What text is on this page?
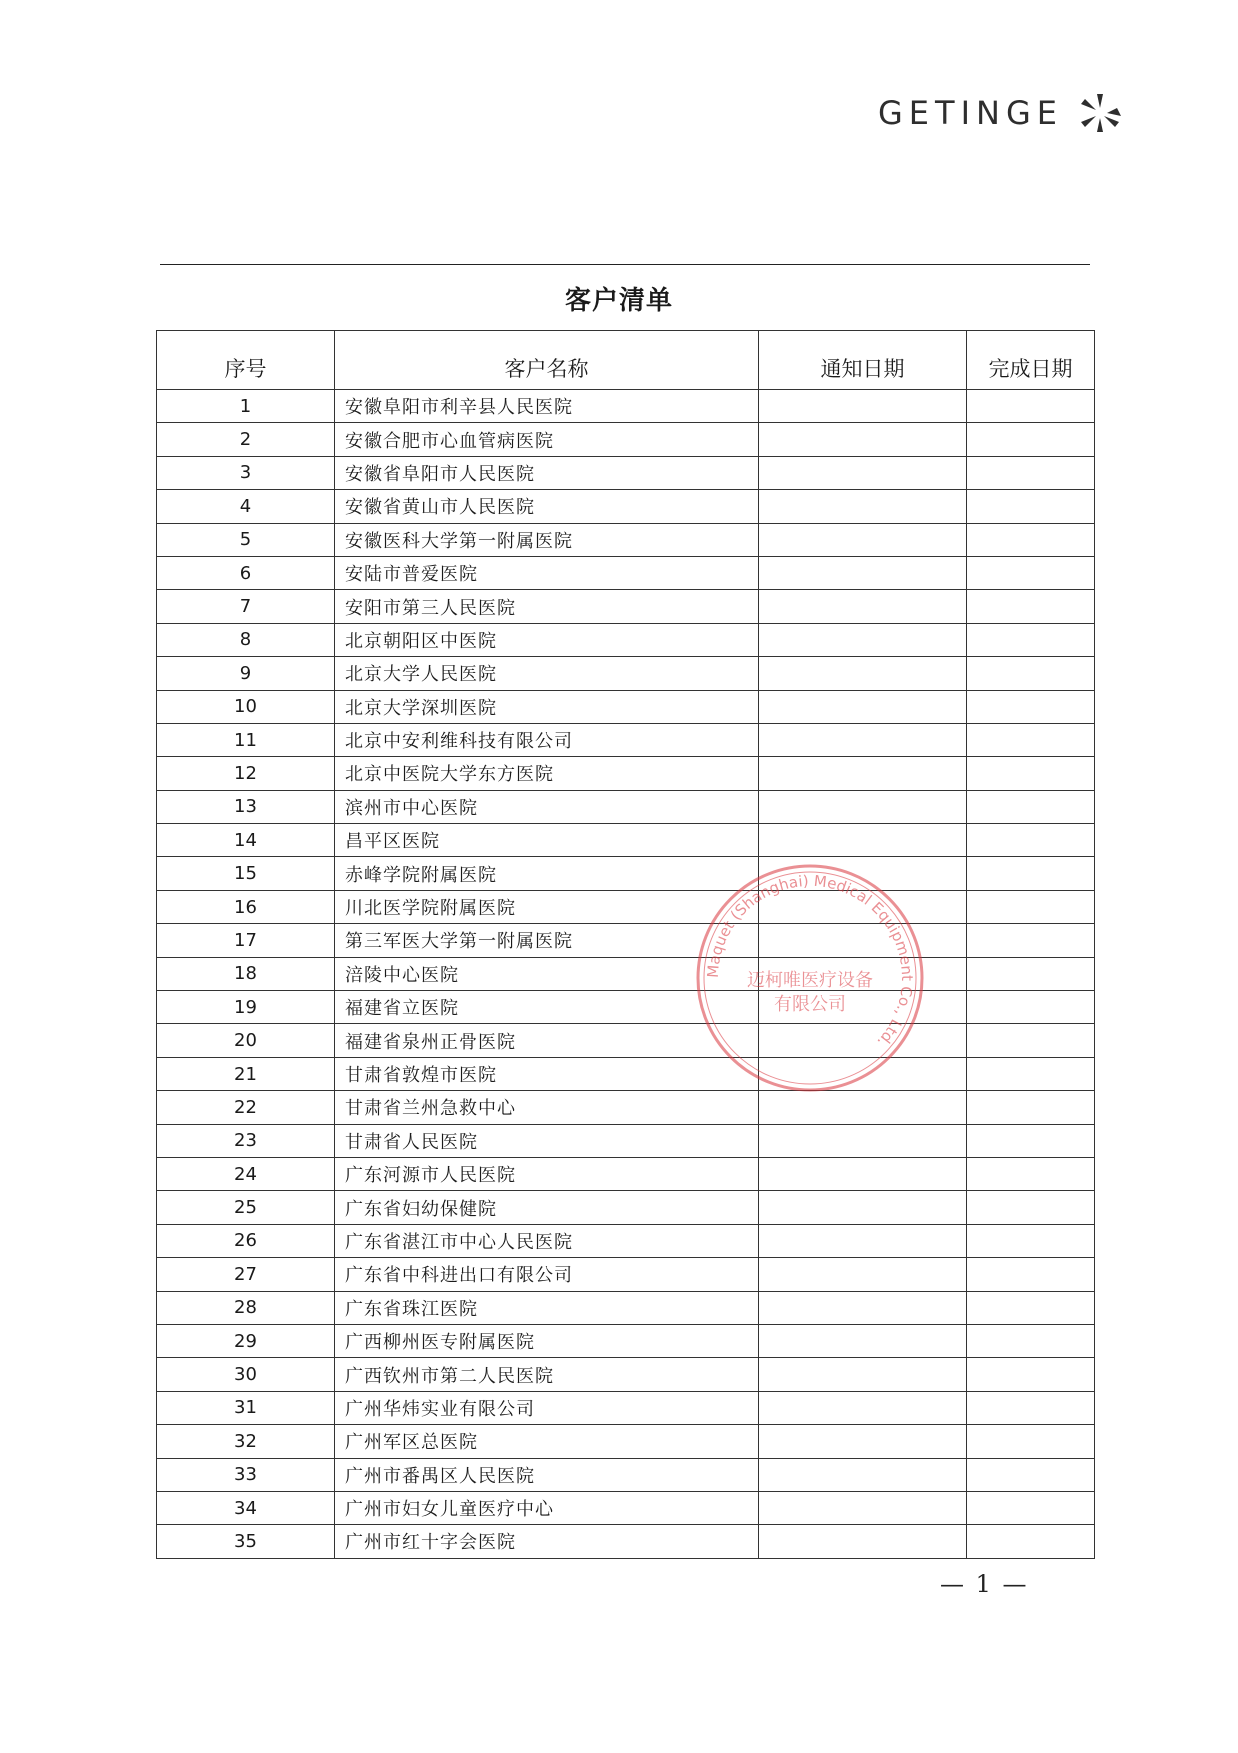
GETINGE
客户清单
序号	客户名称	通知日期	完成日期
1	安徽阜阳市利辛县人民医院		
2	安徽合肥市心血管病医院		
3	安徽省阜阳市人民医院		
4	安徽省黄山市人民医院		
5	安徽医科大学第一附属医院		
6	安陆市普爱医院		
7	安阳市第三人民医院		
8	北京朝阳区中医院		
9	北京大学人民医院		
10	北京大学深圳医院		
11	北京中安利维科技有限公司		
12	北京中医院大学东方医院		
13	滨州市中心医院		
14	昌平区医院		
15	赤峰学院附属医院		
16	川北医学院附属医院		
17	第三军医大学第一附属医院		
18	涪陵中心医院		
19	福建省立医院		
20	福建省泉州正骨医院		
21	甘肃省敦煌市医院		
22	甘肃省兰州急救中心		
23	甘肃省人民医院		
24	广东河源市人民医院		
25	广东省妇幼保健院		
26	广东省湛江市中心人民医院		
27	广东省中科进出口有限公司		
28	广东省珠江医院		
29	广西柳州医专附属医院		
30	广西钦州市第二人民医院		
31	广州华炜实业有限公司		
32	广州军区总医院		
33	广州市番禺区人民医院		
34	广州市妇女儿童医疗中心		
35	广州市红十字会医院		
Maquet (Shanghai) Medical Equipment Co., Ltd.
迈柯唯医疗设备
有限公司
— 1 —
